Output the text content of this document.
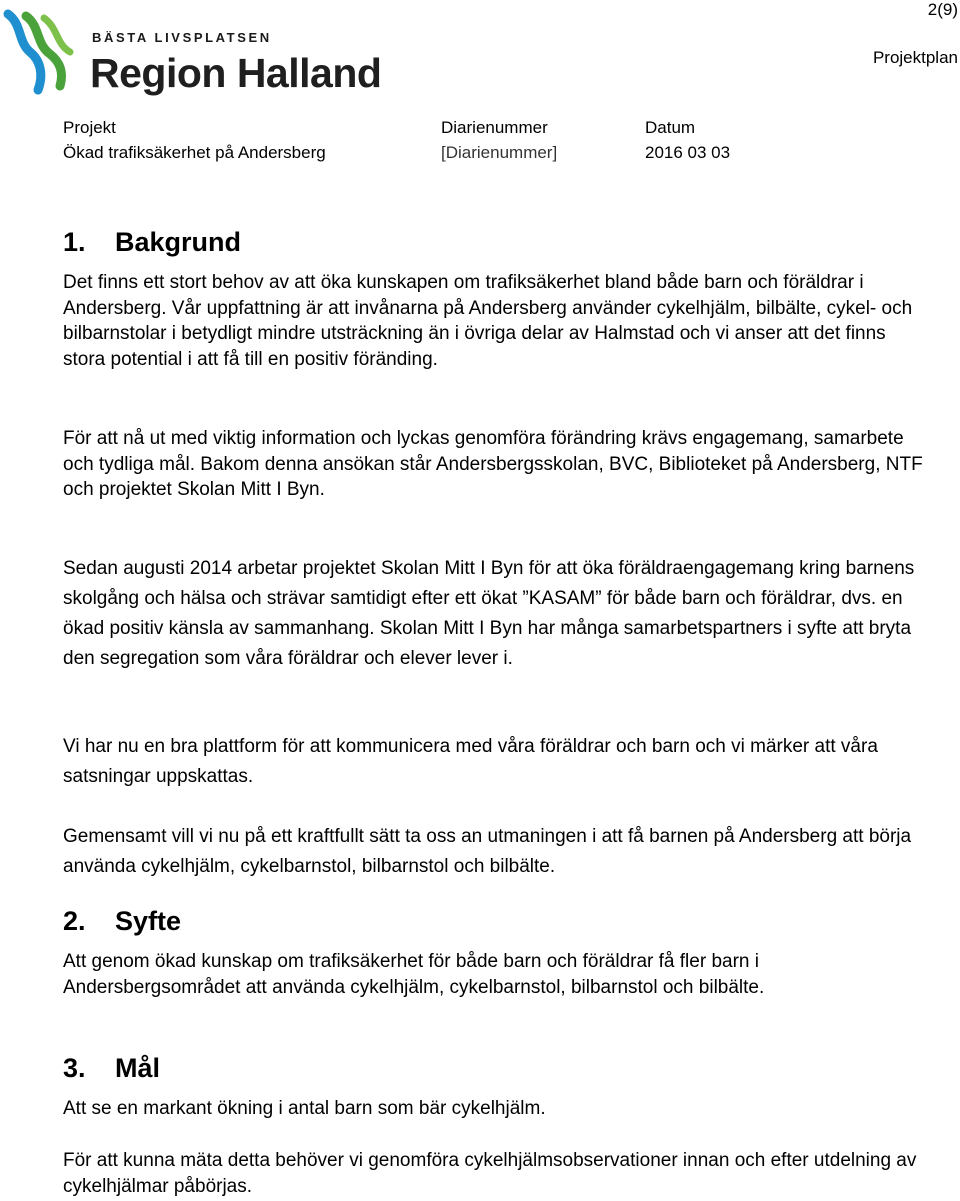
BÄSTA LIVSPLATSEN
Region Halland
2(9)
Projektplan
Projekt	Diarienummer	Datum
Ökad trafiksäkerhet på Andersberg	[Diarienummer]	2016 03 03
1. Bakgrund
Det finns ett stort behov av att öka kunskapen om trafiksäkerhet bland både barn och föräldrar i Andersberg. Vår uppfattning är att invånarna på Andersberg använder cykelhjälm, bilbälte, cykel- och bilbarnstolar i betydligt mindre utsträckning än i övriga delar av Halmstad och vi anser att det finns stora potential i att få till en positiv föränding.
För att nå ut med viktig information och lyckas genomföra förändring krävs engagemang, samarbete och tydliga mål. Bakom denna ansökan står Andersbergsskolan, BVC, Biblioteket på Andersberg, NTF och projektet Skolan Mitt I Byn.
Sedan augusti 2014 arbetar projektet Skolan Mitt I Byn för att öka föräldraengagemang kring barnens skolgång och hälsa och strävar samtidigt efter ett ökat ”KASAM” för både barn och föräldrar, dvs. en ökad positiv känsla av sammanhang. Skolan Mitt I Byn har många samarbetspartners i syfte att bryta den segregation som våra föräldrar och elever lever i.
Vi har nu en bra plattform för att kommunicera med våra föräldrar och barn och vi märker att våra satsningar uppskattas.
Gemensamt vill vi nu på ett kraftfullt sätt ta oss an utmaningen i att få barnen på Andersberg att börja använda cykelhjälm, cykelbarnstol, bilbarnstol och bilbälte.
2. Syfte
Att genom ökad kunskap om trafiksäkerhet för både barn och föräldrar få fler barn i Andersbergsområdet att använda cykelhjälm, cykelbarnstol, bilbarnstol och bilbälte.
3. Mål
Att se en markant ökning i antal barn som bär cykelhjälm.
För att kunna mäta detta behöver vi genomföra cykelhjälmsobservationer innan och efter utdelning av cykelhjälmar påbörjas.
